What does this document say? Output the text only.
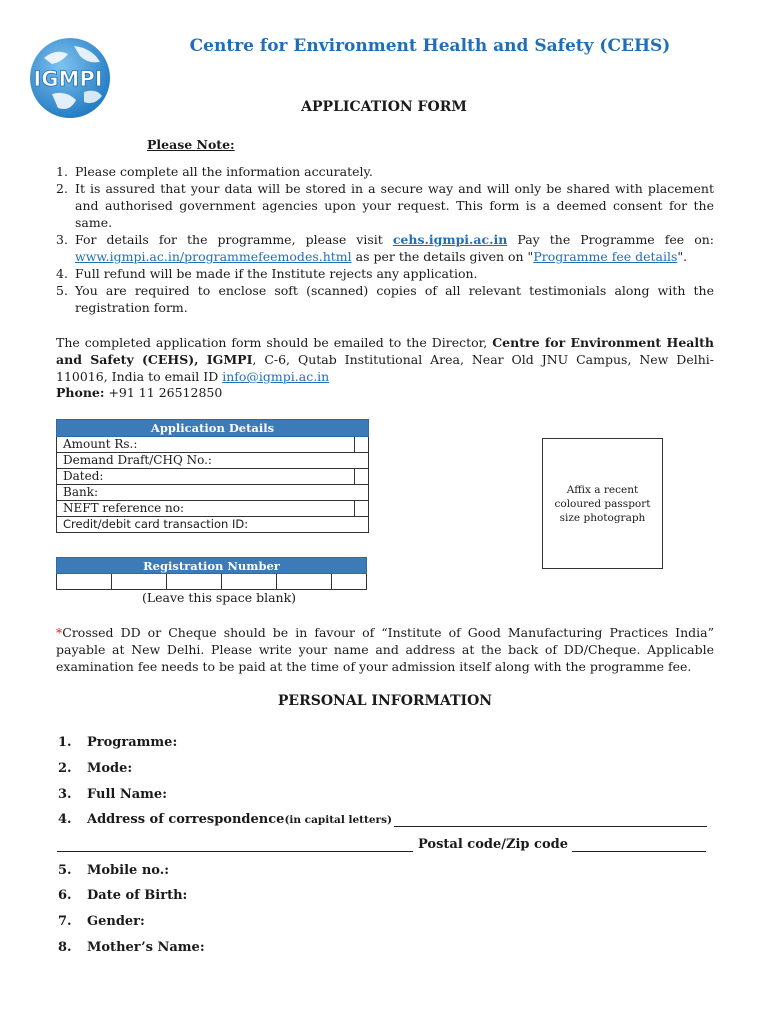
IGMPI
Centre for Environment Health and Safety (CEHS)
APPLICATION FORM
Please Note:
1. Please complete all the information accurately.
2. It is assured that your data will be stored in a secure way and will only be shared with placement and authorised government agencies upon your request. This form is a deemed consent for the same.
3. For details for the programme, please visit cehs.igmpi.ac.in Pay the Programme fee on: www.igmpi.ac.in/programmefeemodes.html as per the details given on "Programme fee details".
4. Full refund will be made if the Institute rejects any application.
5. You are required to enclose soft (scanned) copies of all relevant testimonials along with the registration form.
The completed application form should be emailed to the Director, Centre for Environment Health and Safety (CEHS), IGMPI, C-6, Qutab Institutional Area, Near Old JNU Campus, New Delhi-110016, India to email ID info@igmpi.ac.in
Phone: +91 11 26512850
Application Details	
Amount Rs.:	
Demand Draft/CHQ No.:	
Dated:	
Bank:	
NEFT reference no:	
Credit/debit card transaction ID:	
Affix a recent coloured passport size photograph
Registration Number

(Leave this space blank)
*Crossed DD or Cheque should be in favour of “Institute of Good Manufacturing Practices India” payable at New Delhi. Please write your name and address at the back of DD/Cheque. Applicable examination fee needs to be paid at the time of your admission itself along with the programme fee.
PERSONAL INFORMATION
1.	Programme:
2.	Mode:
3.	Full Name:
4.	Address of correspondence (in capital letters)
Postal code/Zip code
5.	Mobile no.:
6.	Date of Birth:
7.	Gender:
8.	Mother’s Name:
